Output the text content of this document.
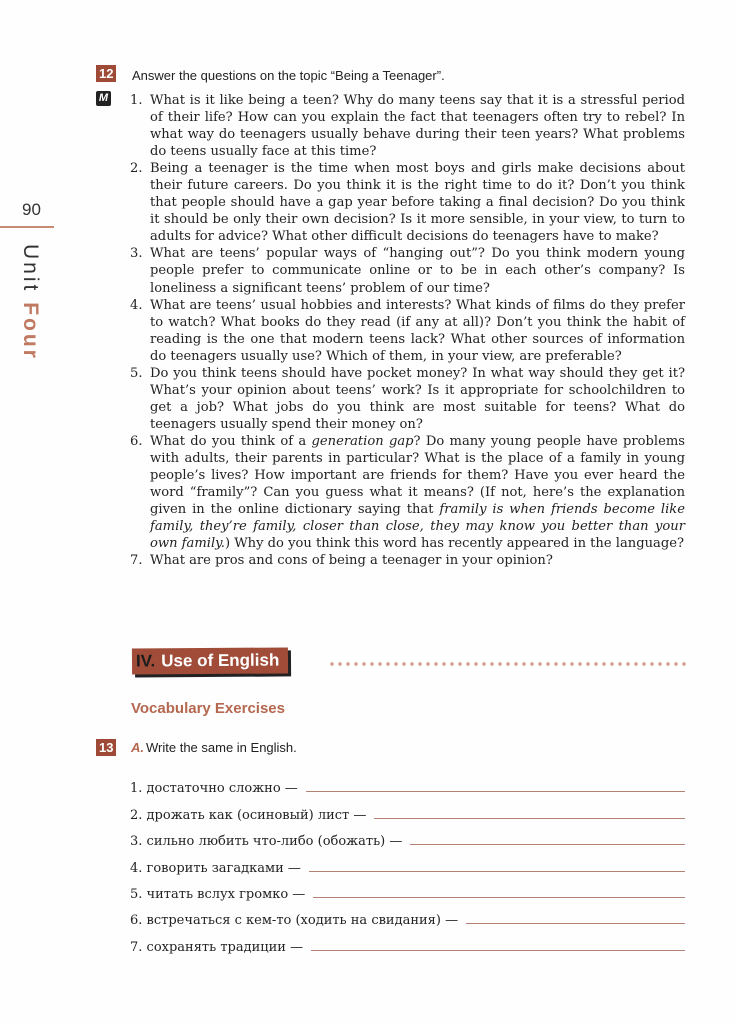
90
Unit Four
12 Answer the questions on the topic “Being a Teenager”.
M 1. What is it like being a teen? Why do many teens say that it is a stressful period of their life? How can you explain the fact that teenagers often try to rebel? In what way do teenagers usually behave during their teen years? What problems do teens usually face at this time?
2. Being a teenager is the time when most boys and girls make decisions about their future careers. Do you think it is the right time to do it? Don’t you think that people should have a gap year before taking a final decision? Do you think it should be only their own decision? Is it more sensible, in your view, to turn to adults for advice? What other difficult decisions do teenagers have to make?
3. What are teens’ popular ways of “hanging out”? Do you think modern young people prefer to communicate online or to be in each other’s company? Is loneliness a significant teens’ problem of our time?
4. What are teens’ usual hobbies and interests? What kinds of films do they prefer to watch? What books do they read (if any at all)? Don’t you think the habit of reading is the one that modern teens lack? What other sources of information do teenagers usually use? Which of them, in your view, are preferable?
5. Do you think teens should have pocket money? In what way should they get it? What’s your opinion about teens’ work? Is it appropriate for schoolchildren to get a job? What jobs do you think are most suitable for teens? What do teenagers usually spend their money on?
6. What do you think of a generation gap? Do many young people have problems with adults, their parents in particular? What is the place of a family in young people’s lives? How important are friends for them? Have you ever heard the word “framily”? Can you guess what it means? (If not, here’s the explanation given in the online dictionary saying that framily is when friends become like family, they’re family, closer than close, they may know you better than your own family.) Why do you think this word has recently appeared in the language?
7. What are pros and cons of being a teenager in your opinion?
IV. Use of English
Vocabulary Exercises
13 A. Write the same in English.
1. достаточно сложно —
2. дрожать как (осиновый) лист —
3. сильно любить что-либо (обожать) —
4. говорить загадками —
5. читать вслух громко —
6. встречаться с кем-то (ходить на свидания) —
7. сохранять традиции —
